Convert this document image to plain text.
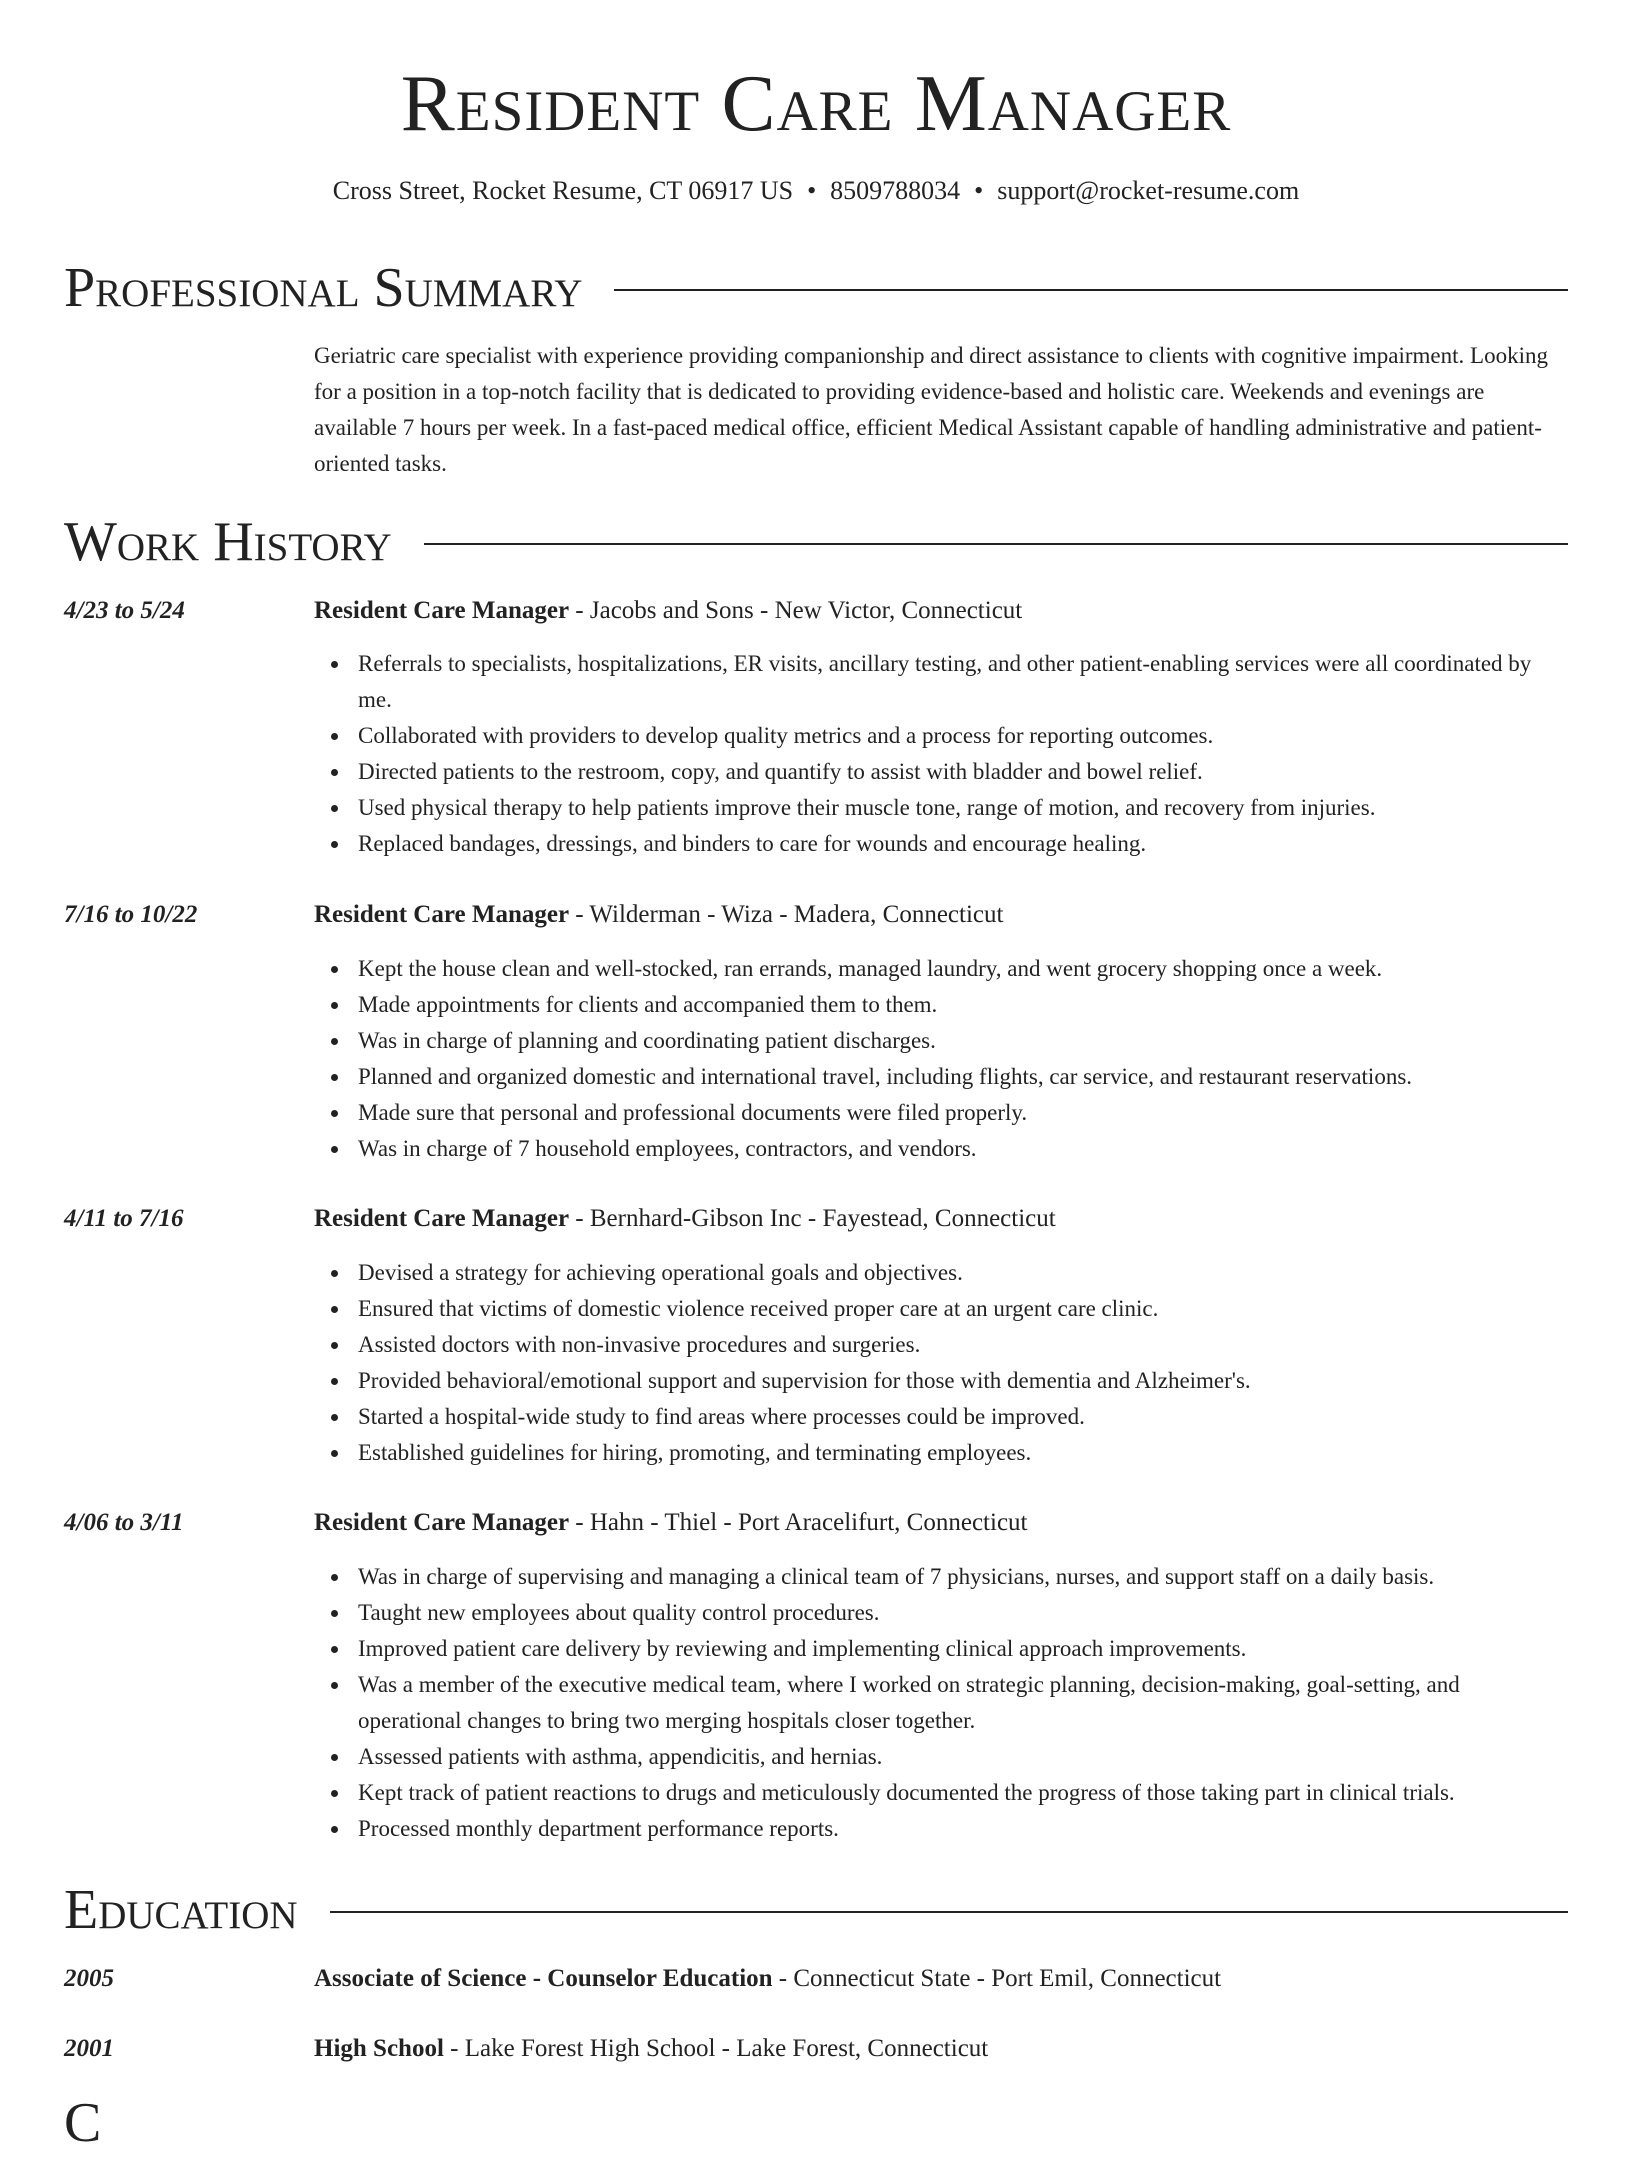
Resident Care Manager
Cross Street, Rocket Resume, CT 06917 US • 8509788034 • support@rocket-resume.com
Professional Summary
Geriatric care specialist with experience providing companionship and direct assistance to clients with cognitive impairment. Looking for a position in a top-notch facility that is dedicated to providing evidence-based and holistic care. Weekends and evenings are available 7 hours per week. In a fast-paced medical office, efficient Medical Assistant capable of handling administrative and patient-oriented tasks.
Work History
4/23 to 5/24	Resident Care Manager - Jacobs and Sons - New Victor, Connecticut
Referrals to specialists, hospitalizations, ER visits, ancillary testing, and other patient-enabling services were all coordinated by me.
Collaborated with providers to develop quality metrics and a process for reporting outcomes.
Directed patients to the restroom, copy, and quantify to assist with bladder and bowel relief.
Used physical therapy to help patients improve their muscle tone, range of motion, and recovery from injuries.
Replaced bandages, dressings, and binders to care for wounds and encourage healing.
7/16 to 10/22	Resident Care Manager - Wilderman - Wiza - Madera, Connecticut
Kept the house clean and well-stocked, ran errands, managed laundry, and went grocery shopping once a week.
Made appointments for clients and accompanied them to them.
Was in charge of planning and coordinating patient discharges.
Planned and organized domestic and international travel, including flights, car service, and restaurant reservations.
Made sure that personal and professional documents were filed properly.
Was in charge of 7 household employees, contractors, and vendors.
4/11 to 7/16	Resident Care Manager - Bernhard-Gibson Inc - Fayestead, Connecticut
Devised a strategy for achieving operational goals and objectives.
Ensured that victims of domestic violence received proper care at an urgent care clinic.
Assisted doctors with non-invasive procedures and surgeries.
Provided behavioral/emotional support and supervision for those with dementia and Alzheimer's.
Started a hospital-wide study to find areas where processes could be improved.
Established guidelines for hiring, promoting, and terminating employees.
4/06 to 3/11	Resident Care Manager - Hahn - Thiel - Port Aracelifurt, Connecticut
Was in charge of supervising and managing a clinical team of 7 physicians, nurses, and support staff on a daily basis.
Taught new employees about quality control procedures.
Improved patient care delivery by reviewing and implementing clinical approach improvements.
Was a member of the executive medical team, where I worked on strategic planning, decision-making, goal-setting, and operational changes to bring two merging hospitals closer together.
Assessed patients with asthma, appendicitis, and hernias.
Kept track of patient reactions to drugs and meticulously documented the progress of those taking part in clinical trials.
Processed monthly department performance reports.
Education
2005	Associate of Science - Counselor Education - Connecticut State - Port Emil, Connecticut
2001	High School - Lake Forest High School - Lake Forest, Connecticut
C
